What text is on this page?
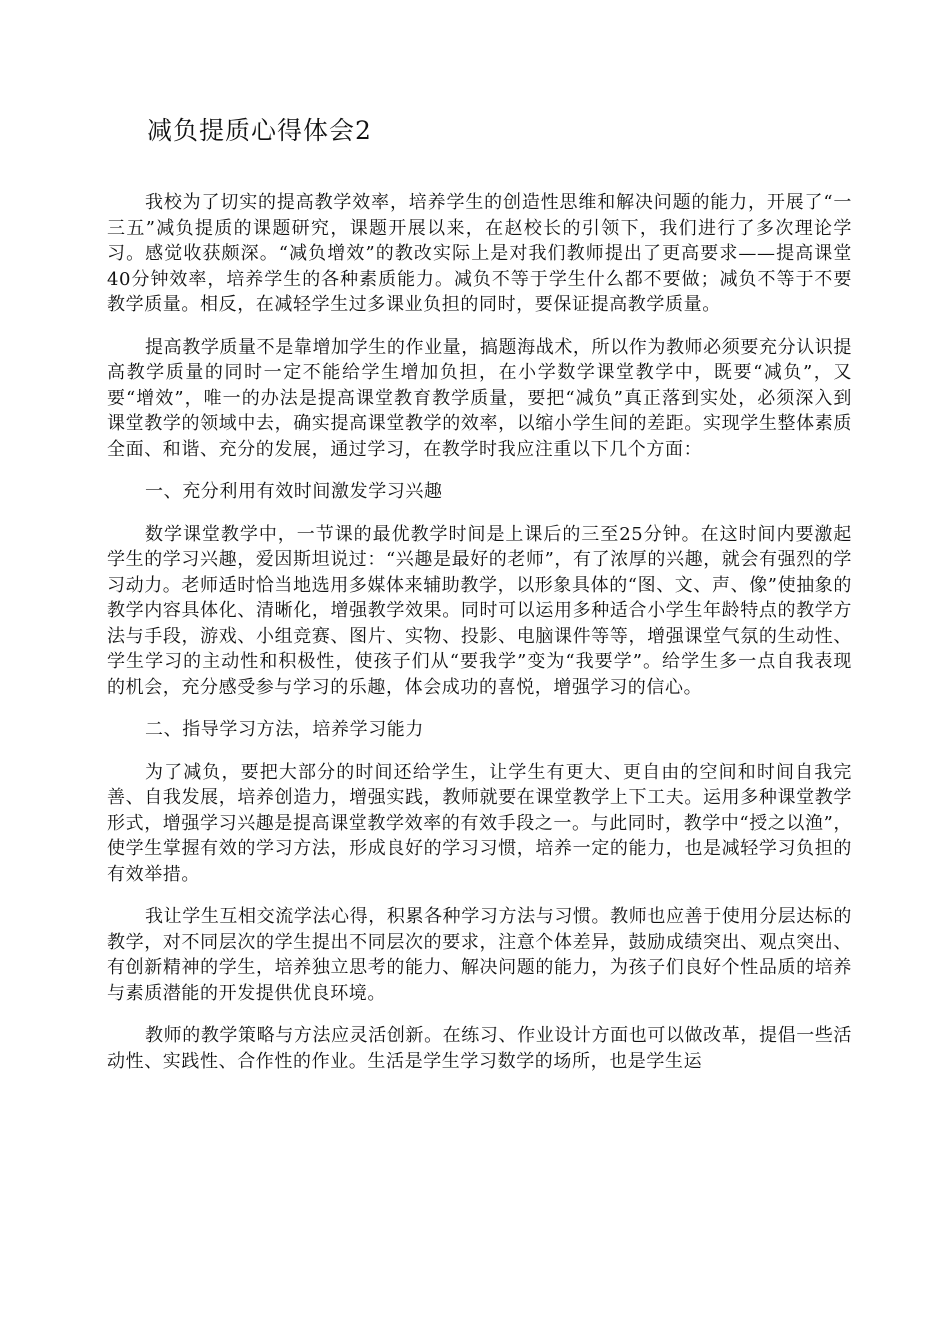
减负提质心得体会2

我校为了切实的提高教学效率，培养学生的创造性思维和解决问题的能力，开展了“一三五”减负提质的课题研究，课题开展以来，在赵校长的引领下，我们进行了多次理论学习。感觉收获颇深。“减负增效”的教改实际上是对我们教师提出了更高要求——提高课堂40分钟效率，培养学生的各种素质能力。减负不等于学生什么都不要做；减负不等于不要教学质量。相反，在减轻学生过多课业负担的同时，要保证提高教学质量。

提高教学质量不是靠增加学生的作业量，搞题海战术，所以作为教师必须要充分认识提高教学质量的同时一定不能给学生增加负担，在小学数学课堂教学中，既要“减负”，又要“增效”，唯一的办法是提高课堂教育教学质量，要把“减负”真正落到实处，必须深入到课堂教学的领域中去，确实提高课堂教学的效率，以缩小学生间的差距。实现学生整体素质全面、和谐、充分的发展，通过学习，在教学时我应注重以下几个方面：

一、充分利用有效时间激发学习兴趣

数学课堂教学中，一节课的最优教学时间是上课后的三至25分钟。在这时间内要激起学生的学习兴趣，爱因斯坦说过：“兴趣是最好的老师”，有了浓厚的兴趣，就会有强烈的学习动力。老师适时恰当地选用多媒体来辅助教学，以形象具体的“图、文、声、像”使抽象的教学内容具体化、清晰化，增强教学效果。同时可以运用多种适合小学生年龄特点的教学方法与手段，游戏、小组竞赛、图片、实物、投影、电脑课件等等，增强课堂气氛的生动性、学生学习的主动性和积极性，使孩子们从“要我学”变为“我要学”。给学生多一点自我表现的机会，充分感受参与学习的乐趣，体会成功的喜悦，增强学习的信心。

二、指导学习方法，培养学习能力

为了减负，要把大部分的时间还给学生，让学生有更大、更自由的空间和时间自我完善、自我发展，培养创造力，增强实践，教师就要在课堂教学上下工夫。运用多种课堂教学形式，增强学习兴趣是提高课堂教学效率的有效手段之一。与此同时，教学中“授之以渔”，使学生掌握有效的学习方法，形成良好的学习习惯，培养一定的能力，也是减轻学习负担的有效举措。

我让学生互相交流学法心得，积累各种学习方法与习惯。教师也应善于使用分层达标的教学，对不同层次的学生提出不同层次的要求，注意个体差异，鼓励成绩突出、观点突出、有创新精神的学生，培养独立思考的能力、解决问题的能力，为孩子们良好个性品质的培养与素质潜能的开发提供优良环境。

教师的教学策略与方法应灵活创新。在练习、作业设计方面也可以做改革，提倡一些活动性、实践性、合作性的作业。生活是学生学习数学的场所，也是学生运
